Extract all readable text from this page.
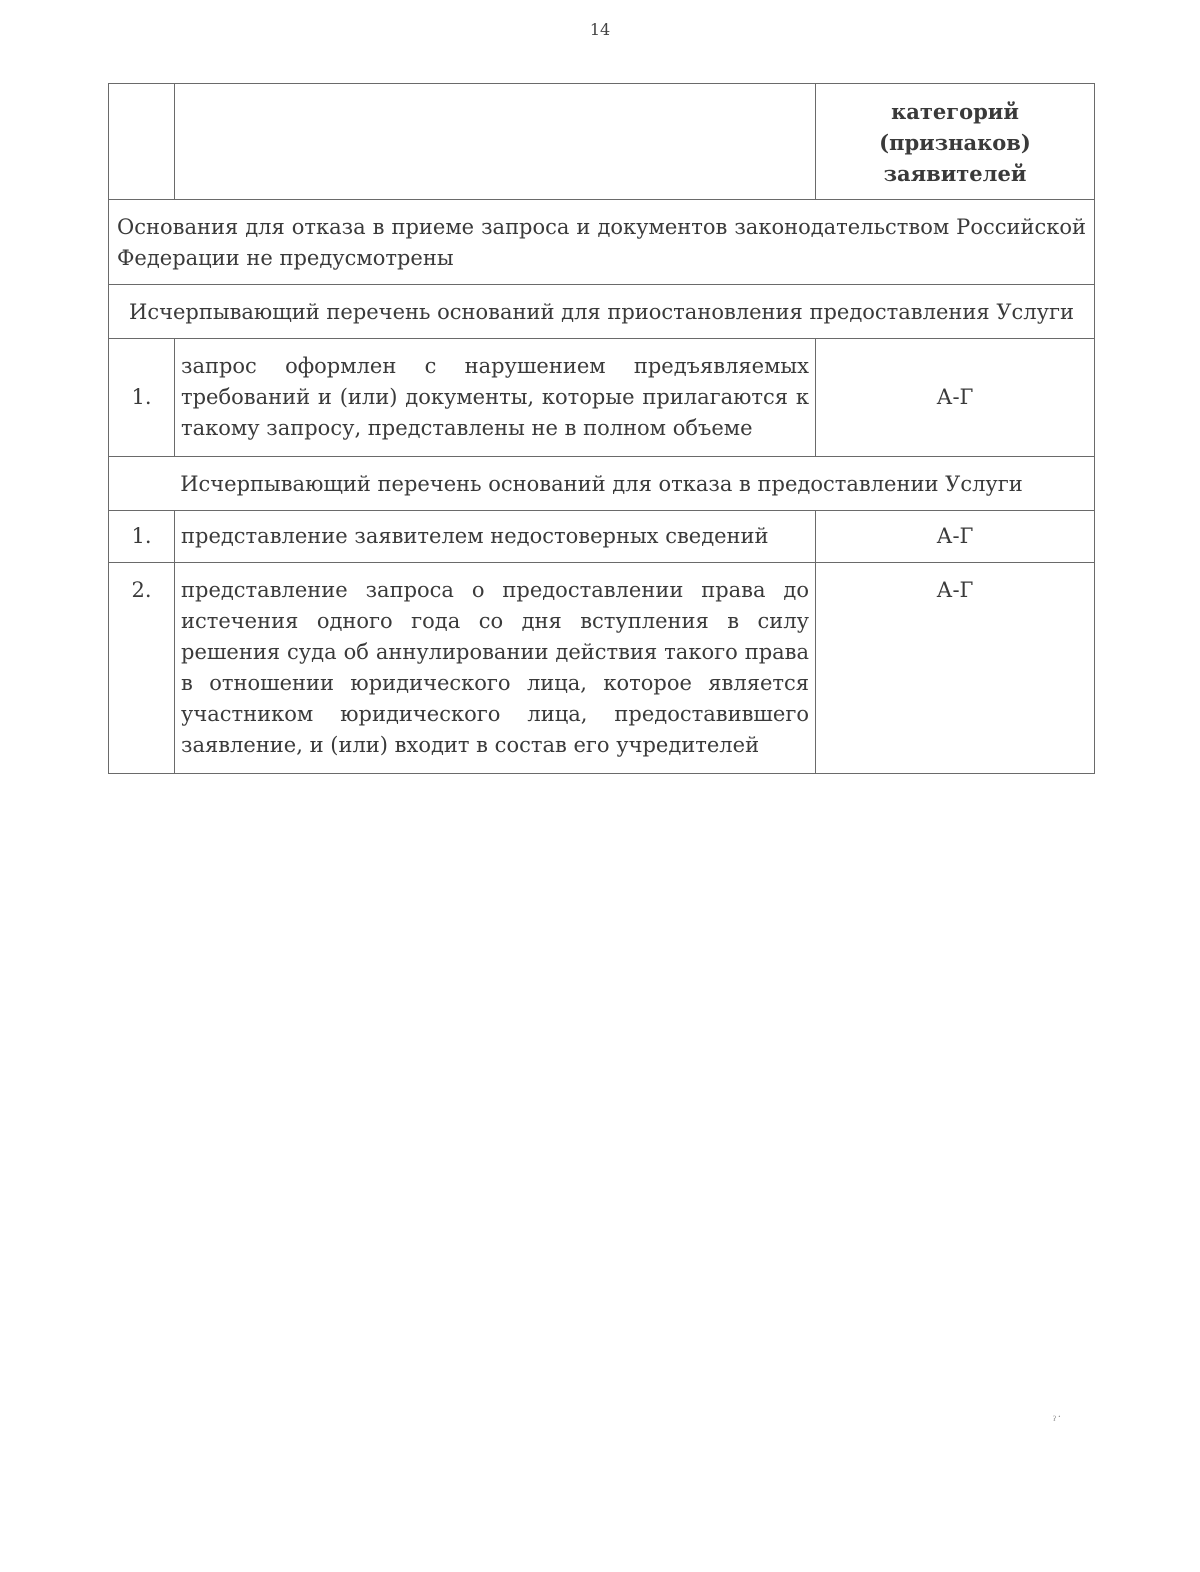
14

		категорий
(признаков)
заявителей

Основания для отказа в приеме запроса и документов законодательством Российской Федерации не предусмотрены		
Исчерпывающий перечень оснований для приостановления предоставления Услуги		
1.	запрос оформлен с нарушением предъявляемых требований и (или) документы, которые прилагаются к такому запросу, представлены не в полном объеме	А-Г
Исчерпывающий перечень оснований для отказа в предоставлении Услуги		
1.	представление заявителем недостоверных сведений	А-Г
2.	представление запроса о предоставлении права до истечения одного года со дня вступления в силу решения суда об аннулировании действия такого права в отношении юридического лица, которое является участником юридического лица, предоставившего заявление, и (или) входит в состав его учредителей	А-Г
ˀ˙
